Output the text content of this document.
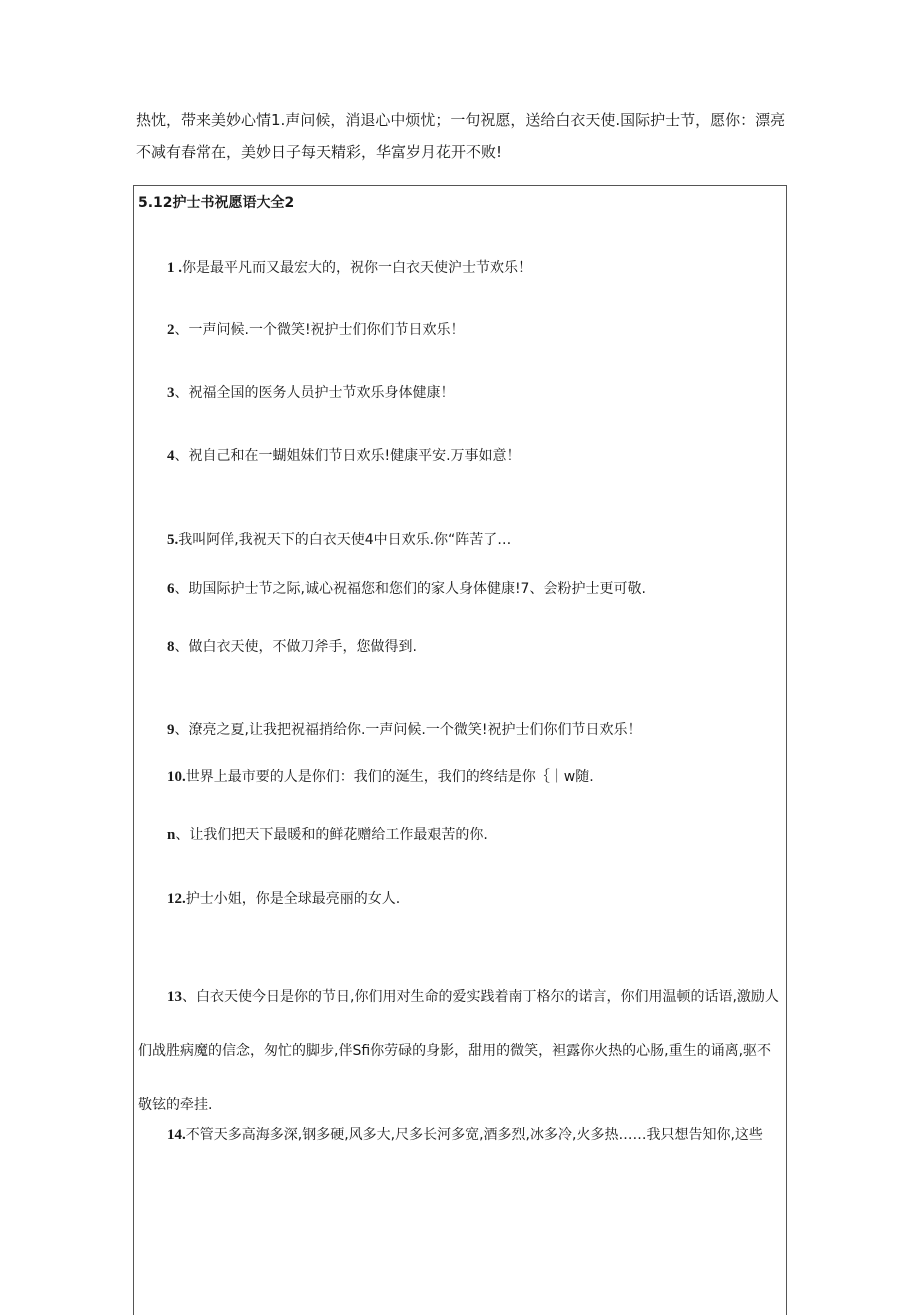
热忱，带来美妙心情1.声问候，消退心中烦忧；一句祝愿，送给白衣天使.国际护士节，愿你：漂亮不减有春常在，美妙日子每天精彩，华富岁月花开不败!

5.12护士书祝愿语大全2

1 .你是最平凡而又最宏大的，祝你一白衣天使沪士节欢乐！

2、一声问候.一个微笑!祝护士们你们节日欢乐！

3、祝福全国的医务人员护士节欢乐身体健康！

4、祝自己和在一蝴姐妹们节日欢乐!健康平安.万事如意！

5.我叫阿佯,我祝天下的白衣天使4中日欢乐.你“阵苦了…

6、助国际护士节之际,诚心祝福您和您们的家人身体健康!7、会粉护士更可敬.

8、做白衣天使，不做刀斧手，您做得到.

9、潦亮之夏,让我把祝福捎给你.一声问候.一个微笑!祝护士们你们节日欢乐！

10.世界上最市要的人是你们：我们的涎生，我们的终结是你｛｜w随.

n、让我们把天下最暖和的鲜花赠给工作最艰苦的你.

12.护士小姐，你是全球最亮丽的女人.

13、白衣天使今日是你的节日,你们用对生命的爱实践着南丁格尔的诺言，你们用温顿的话语,激励人们战胜病魔的信念，匆忙的脚步,伴Sfi你劳碌的身影，甜用的微笑，袒露你火热的心肠,重生的诵离,驱不敬铉的牵挂.

14.不管天多高海多深,钢多硬,风多大,尺多长河多宽,酒多烈,冰多冷,火多热……我只想告知你,这些
